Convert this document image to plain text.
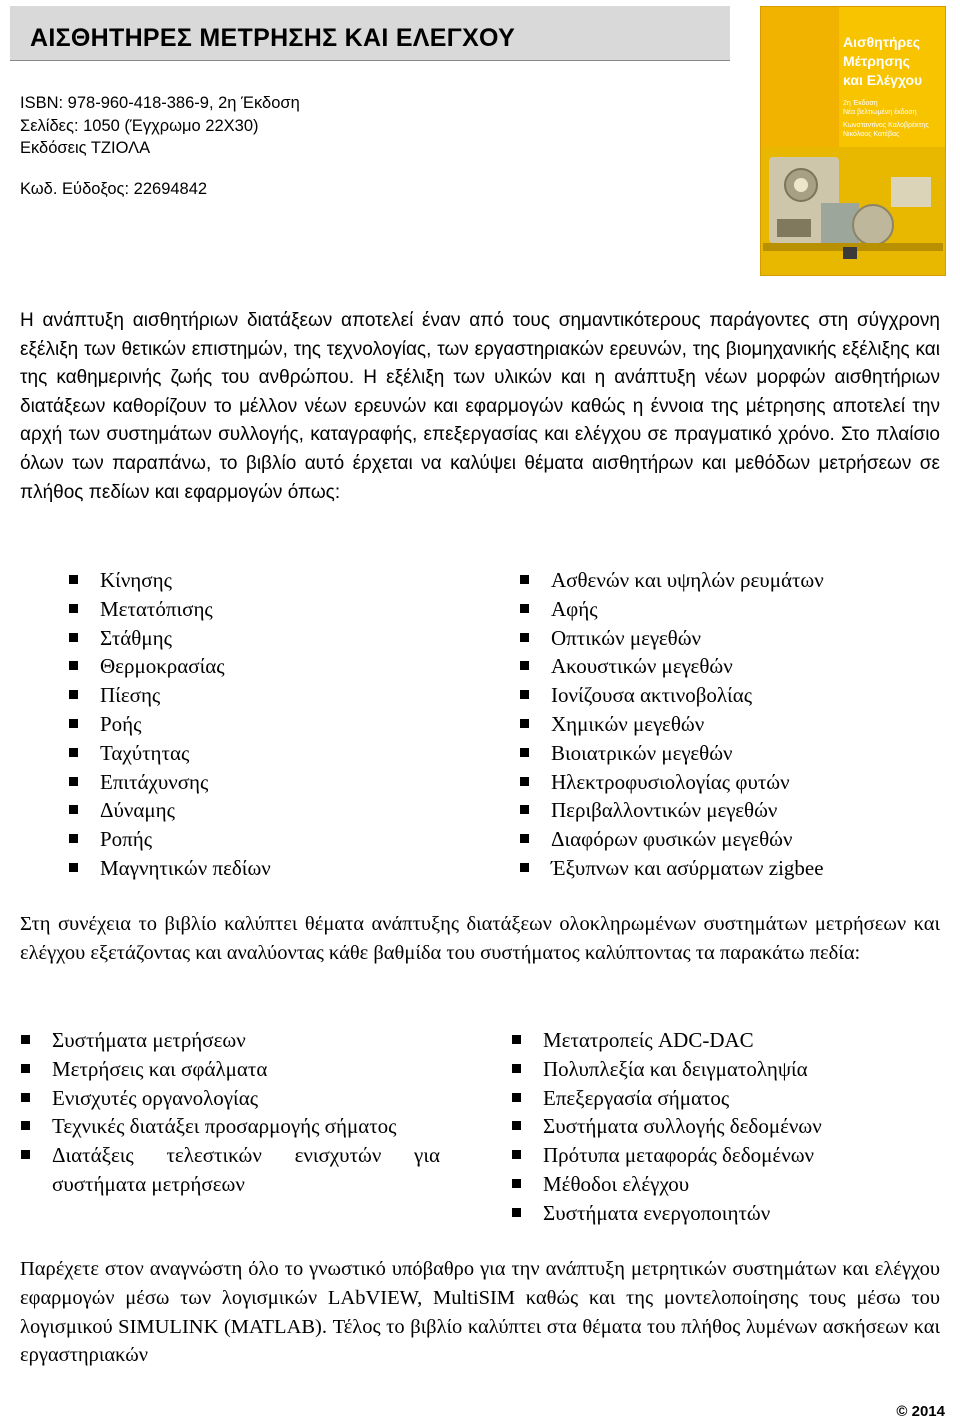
ΑΙΣΘΗΤΗΡΕΣ ΜΕΤΡΗΣΗΣ ΚΑΙ ΕΛΕΓΧΟΥ
ISBN: 978-960-418-386-9, 2η Έκδοση
Σελίδες: 1050 (Έγχρωμο 22Χ30)
Εκδόσεις ΤΖΙΟΛΑ
Κωδ. Εύδοξος: 22694842
Αισθητήρες
Μέτρησης
και Ελέγχου
2η Έκδοση
Νέα βελτιωμένη έκδοση
Κωνσταντίνος Καλοβρέκτης
Νικόλαος Κατέβας
Η ανάπτυξη αισθητήριων διατάξεων αποτελεί έναν από τους σημαντικότερους παράγοντες στη σύγχρονη εξέλιξη των θετικών επιστημών, της τεχνολογίας, των εργαστηριακών ερευνών, της βιομηχανικής εξέλιξης και της καθημερινής ζωής του ανθρώπου. Η εξέλιξη των υλικών και η ανάπτυξη νέων μορφών αισθητήριων διατάξεων καθορίζουν το μέλλον νέων ερευνών και εφαρμογών καθώς η έννοια της μέτρησης αποτελεί την αρχή των συστημάτων συλλογής, καταγραφής, επεξεργασίας και ελέγχου σε πραγματικό χρόνο. Στο πλαίσιο όλων των παραπάνω, το βιβλίο αυτό έρχεται να καλύψει θέματα αισθητήρων και μεθόδων μετρήσεων σε πλήθος πεδίων και εφαρμογών όπως:
Κίνησης
Μετατόπισης
Στάθμης
Θερμοκρασίας
Πίεσης
Ροής
Ταχύτητας
Επιτάχυνσης
Δύναμης
Ροπής
Μαγνητικών πεδίων
Ασθενών και υψηλών ρευμάτων
Αφής
Οπτικών μεγεθών
Ακουστικών μεγεθών
Ιονίζουσα ακτινοβολίας
Χημικών μεγεθών
Βιοιατρικών μεγεθών
Ηλεκτροφυσιολογίας φυτών
Περιβαλλοντικών μεγεθών
Διαφόρων φυσικών μεγεθών
Έξυπνων και ασύρματων zigbee
Στη συνέχεια το βιβλίο καλύπτει θέματα ανάπτυξης διατάξεων ολοκληρωμένων συστημάτων μετρήσεων και ελέγχου εξετάζοντας και αναλύοντας κάθε βαθμίδα του συστήματος καλύπτοντας τα παρακάτω πεδία:
Συστήματα μετρήσεων
Μετρήσεις και σφάλματα
Ενισχυτές οργανολογίας
Τεχνικές διατάξει προσαρμογής σήματος
Διατάξεις τελεστικών ενισχυτών για συστήματα μετρήσεων
Μετατροπείς ADC-DAC
Πολυπλεξία και δειγματοληψία
Επεξεργασία σήματος
Συστήματα συλλογής δεδομένων
Πρότυπα μεταφοράς δεδομένων
Μέθοδοι ελέγχου
Συστήματα ενεργοποιητών
Παρέχετε στον αναγνώστη όλο το γνωστικό υπόβαθρο για την ανάπτυξη μετρητικών συστημάτων και ελέγχου εφαρμογών μέσω των λογισμικών LAbVIEW, MultiSIM καθώς και της μοντελοποίησης τους μέσω του λογισμικού SIMULINK (MATLAB). Τέλος το βιβλίο καλύπτει στα θέματα του πλήθος λυμένων ασκήσεων και εργαστηριακών
© 2014
